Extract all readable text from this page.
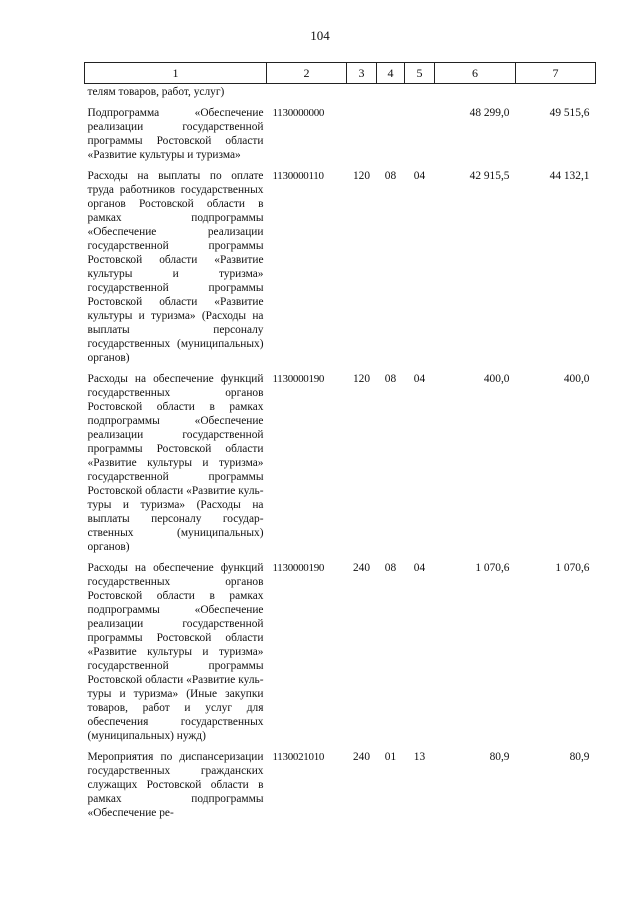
104
1	2	3	4	5	6	7
телям товаров, работ, услуг)						
Подпрограмма «Обеспечение реализации государственной программы Ростовской области «Развитие культуры и туризма»	1130000000				48 299,0	49 515,6
Расходы на выплаты по оплате труда работников государственных органов Ростовской области в рамках подпрограммы «Обеспечение реализации государственной программы Ростовской области «Развитие культуры и туризма» государственной программы Ростовской области «Развитие культуры и туризма» (Расходы на выплаты персоналу государственных (муниципальных) органов)	1130000110	120	08	04	42 915,5	44 132,1
Расходы на обеспечение функций государственных органов Ростовской области в рамках подпрограммы «Обеспечение реализации государственной программы Ростовской области «Развитие культуры и туризма» государственной программы Ростовской области «Развитие культуры и туризма» (Расходы на выплаты персоналу государственных (муниципальных) органов)	1130000190	120	08	04	400,0	400,0
Расходы на обеспечение функций государственных органов Ростовской области в рамках подпрограммы «Обеспечение реализации государственной программы Ростовской области «Развитие культуры и туризма» государственной программы Ростовской области «Развитие культуры и туризма» (Иные закупки товаров, работ и услуг для обеспечения государственных (муниципальных) нужд)	1130000190	240	08	04	1 070,6	1 070,6
Мероприятия по диспансеризации государственных гражданских служащих Ростовской области в рамках подпрограммы «Обеспечение ре-	1130021010	240	01	13	80,9	80,9
